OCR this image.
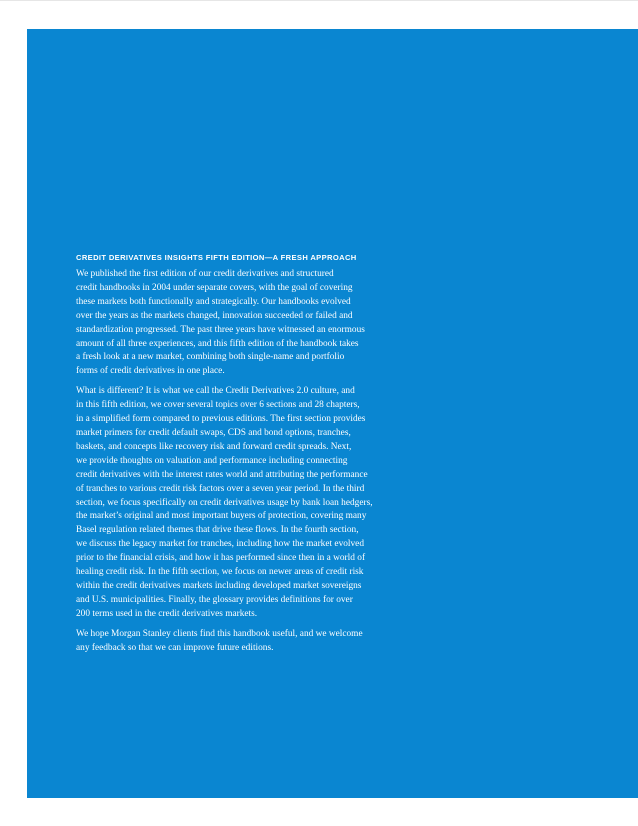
CREDIT DERIVATIVES INSIGHTS FIFTH EDITION—A FRESH APPROACH
We published the first edition of our credit derivatives and structured
credit handbooks in 2004 under separate covers, with the goal of covering
these markets both functionally and strategically. Our handbooks evolved
over the years as the markets changed, innovation succeeded or failed and
standardization progressed. The past three years have witnessed an enormous
amount of all three experiences, and this fifth edition of the handbook takes
a fresh look at a new market, combining both single-name and portfolio
forms of credit derivatives in one place.
What is different? It is what we call the Credit Derivatives 2.0 culture, and
in this fifth edition, we cover several topics over 6 sections and 28 chapters,
in a simplified form compared to previous editions. The first section provides
market primers for credit default swaps, CDS and bond options, tranches,
baskets, and concepts like recovery risk and forward credit spreads. Next,
we provide thoughts on valuation and performance including connecting
credit derivatives with the interest rates world and attributing the performance
of tranches to various credit risk factors over a seven year period. In the third
section, we focus specifically on credit derivatives usage by bank loan hedgers,
the market’s original and most important buyers of protection, covering many
Basel regulation related themes that drive these flows. In the fourth section,
we discuss the legacy market for tranches, including how the market evolved
prior to the financial crisis, and how it has performed since then in a world of
healing credit risk. In the fifth section, we focus on newer areas of credit risk
within the credit derivatives markets including developed market sovereigns
and U.S. municipalities. Finally, the glossary provides definitions for over
200 terms used in the credit derivatives markets.
We hope Morgan Stanley clients find this handbook useful, and we welcome
any feedback so that we can improve future editions.
